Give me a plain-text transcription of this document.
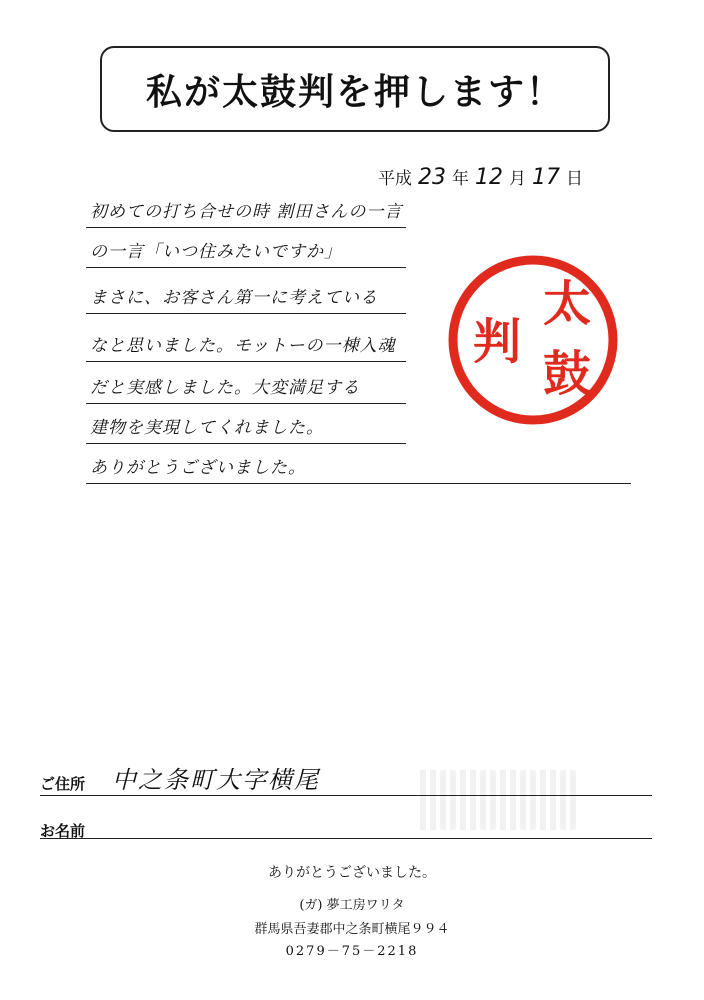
私が太鼓判を押します！
平成 23 年 12 月 17 日
初めての打ち合せの時 割田さんの一言
の一言「いつ住みたいですか」
まさに、お客さん第一に考えている
なと思いました。モットーの一棟入魂
だと実感しました。大変満足する
建物を実現してくれました。
ありがとうございました。
太
鼓
判
ご住所 中之条町大字横尾
お名前
ありがとうございました。
(ガ) 夢工房ワリタ
群馬県吾妻郡中之条町横尾９９４
0279－75－2218
